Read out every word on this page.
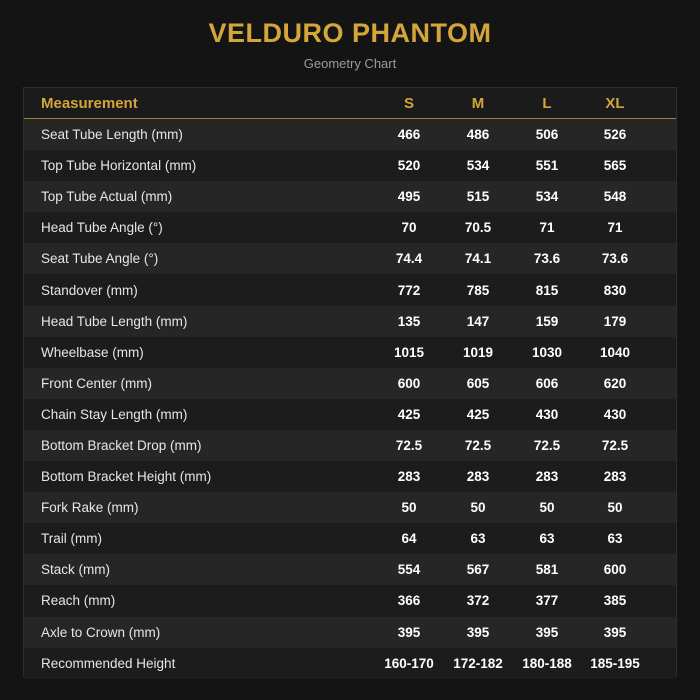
VELDURO PHANTOM
Geometry Chart
Measurement	S	M	L	XL
Seat Tube Length (mm)	466	486	506	526
Top Tube Horizontal (mm)	520	534	551	565
Top Tube Actual (mm)	495	515	534	548
Head Tube Angle (°)	70	70.5	71	71
Seat Tube Angle (°)	74.4	74.1	73.6	73.6
Standover (mm)	772	785	815	830
Head Tube Length (mm)	135	147	159	179
Wheelbase (mm)	1015	1019	1030	1040
Front Center (mm)	600	605	606	620
Chain Stay Length (mm)	425	425	430	430
Bottom Bracket Drop (mm)	72.5	72.5	72.5	72.5
Bottom Bracket Height (mm)	283	283	283	283
Fork Rake (mm)	50	50	50	50
Trail (mm)	64	63	63	63
Stack (mm)	554	567	581	600
Reach (mm)	366	372	377	385
Axle to Crown (mm)	395	395	395	395
Recommended Height	160-170	172-182	180-188	185-195
